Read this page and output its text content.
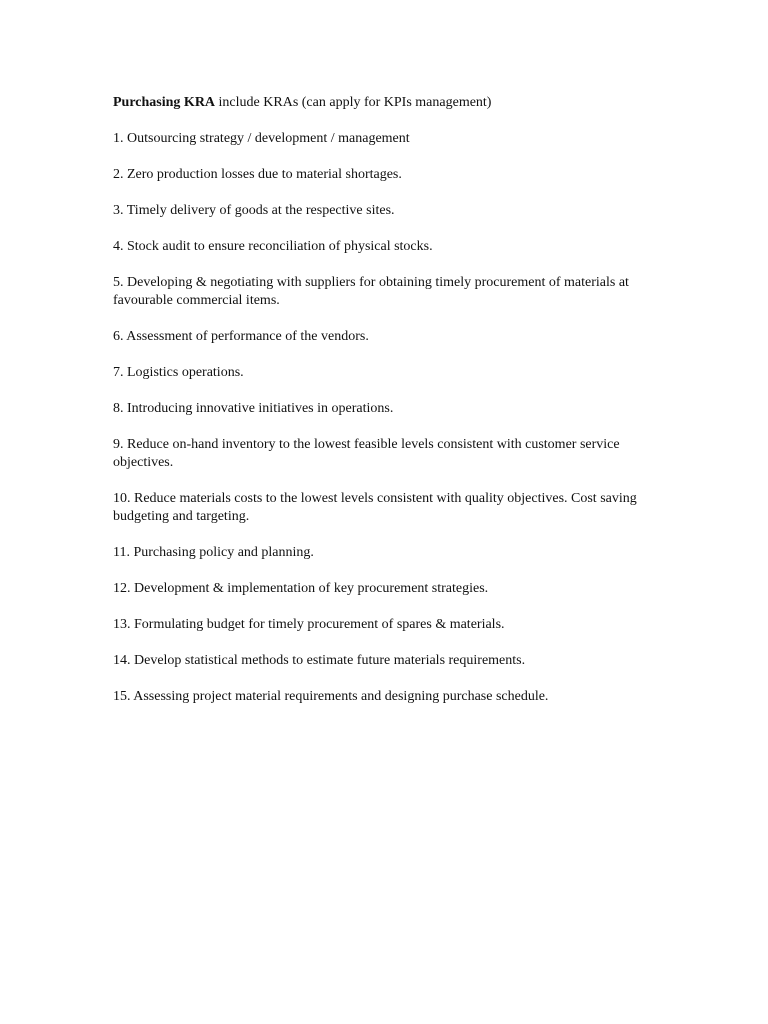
Purchasing KRA include KRAs (can apply for KPIs management)

1. Outsourcing strategy / development / management
2. Zero production losses due to material shortages.
3. Timely delivery of goods at the respective sites.
4. Stock audit to ensure reconciliation of physical stocks.
5. Developing & negotiating with suppliers for obtaining timely procurement of materials at favourable commercial items.
6. Assessment of performance of the vendors.
7. Logistics operations.
8. Introducing innovative initiatives in operations.
9. Reduce on-hand inventory to the lowest feasible levels consistent with customer service objectives.
10. Reduce materials costs to the lowest levels consistent with quality objectives. Cost saving budgeting and targeting.
11. Purchasing policy and planning.
12. Development & implementation of key procurement strategies.
13. Formulating budget for timely procurement of spares & materials.
14. Develop statistical methods to estimate future materials requirements.
15. Assessing project material requirements and designing purchase schedule.
